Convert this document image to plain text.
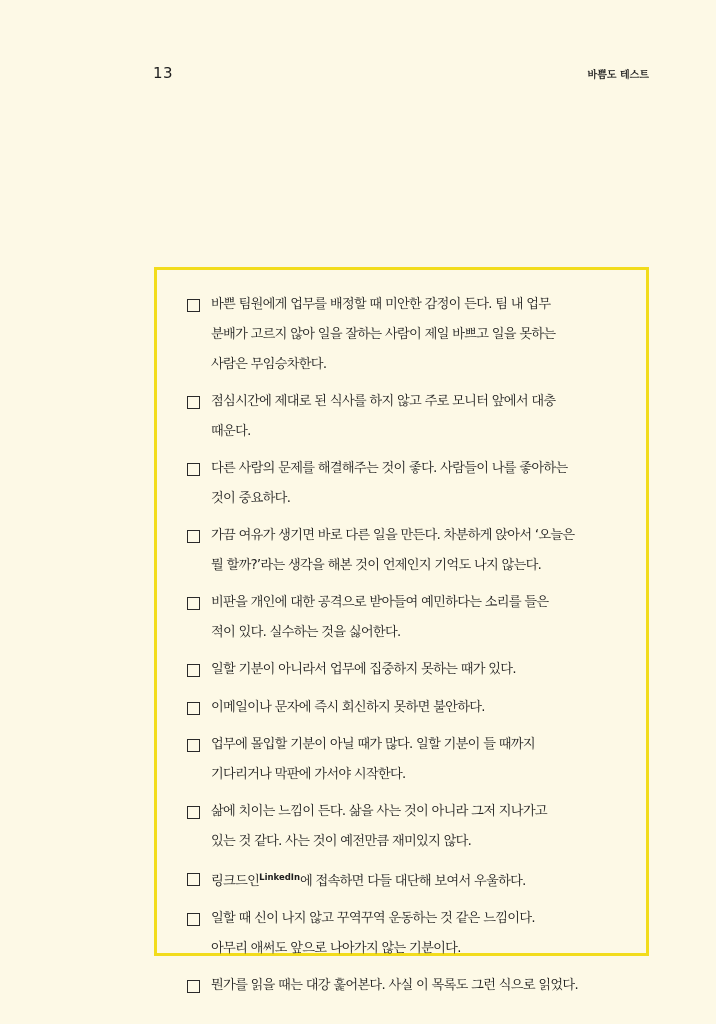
13	바쁨도 테스트
바쁜 팀원에게 업무를 배정할 때 미안한 감정이 든다. 팀 내 업무
분배가 고르지 않아 일을 잘하는 사람이 제일 바쁘고 일을 못하는
사람은 무임승차한다.
점심시간에 제대로 된 식사를 하지 않고 주로 모니터 앞에서 대충
때운다.
다른 사람의 문제를 해결해주는 것이 좋다. 사람들이 나를 좋아하는
것이 중요하다.
가끔 여유가 생기면 바로 다른 일을 만든다. 차분하게 앉아서 ‘오늘은
뭘 할까?’라는 생각을 해본 것이 언제인지 기억도 나지 않는다.
비판을 개인에 대한 공격으로 받아들여 예민하다는 소리를 들은
적이 있다. 실수하는 것을 싫어한다.
일할 기분이 아니라서 업무에 집중하지 못하는 때가 있다.
이메일이나 문자에 즉시 회신하지 못하면 불안하다.
업무에 몰입할 기분이 아닐 때가 많다. 일할 기분이 들 때까지
기다리거나 막판에 가서야 시작한다.
삶에 치이는 느낌이 든다. 삶을 사는 것이 아니라 그저 지나가고
있는 것 같다. 사는 것이 예전만큼 재미있지 않다.
링크드인$^{LinkedIn}$에 접속하면 다들 대단해 보여서 우울하다.
일할 때 신이 나지 않고 꾸역꾸역 운동하는 것 같은 느낌이다.
아무리 애써도 앞으로 나아가지 않는 기분이다.
뭔가를 읽을 때는 대강 훑어본다. 사실 이 목록도 그런 식으로 읽었다.
